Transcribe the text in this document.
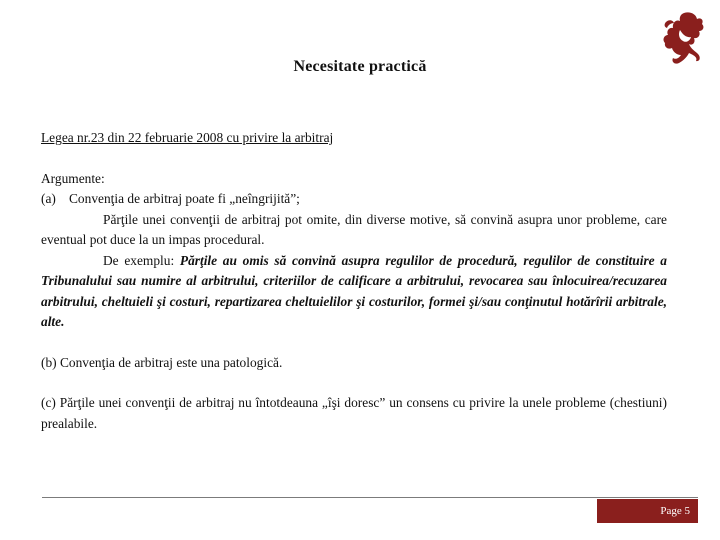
Necesitate practică

Legea nr.23 din 22 februarie 2008 cu privire la arbitraj

Argumente:

(a) Convenţia de arbitraj poate fi „neîngrijită”;

Părţile unei convenţii de arbitraj pot omite, din diverse motive, să convină asupra unor probleme, care eventual pot duce la un impas procedural.

De exemplu: Părţile au omis să convină asupra regulilor de procedură, regulilor de constituire a Tribunalului sau numire al arbitrului, criteriilor de calificare a arbitrului, revocarea sau înlocuirea/recuzarea arbitrului, cheltuieli şi costuri, repartizarea cheltuielilor şi costurilor, formei şi/sau conţinutul hotărîrii arbitrale, alte.

(b) Convenţia de arbitraj este una patologică.

(c) Părţile unei convenţii de arbitraj nu întotdeauna „îşi doresc” un consens cu privire la unele probleme (chestiuni) prealabile.

Page 5
